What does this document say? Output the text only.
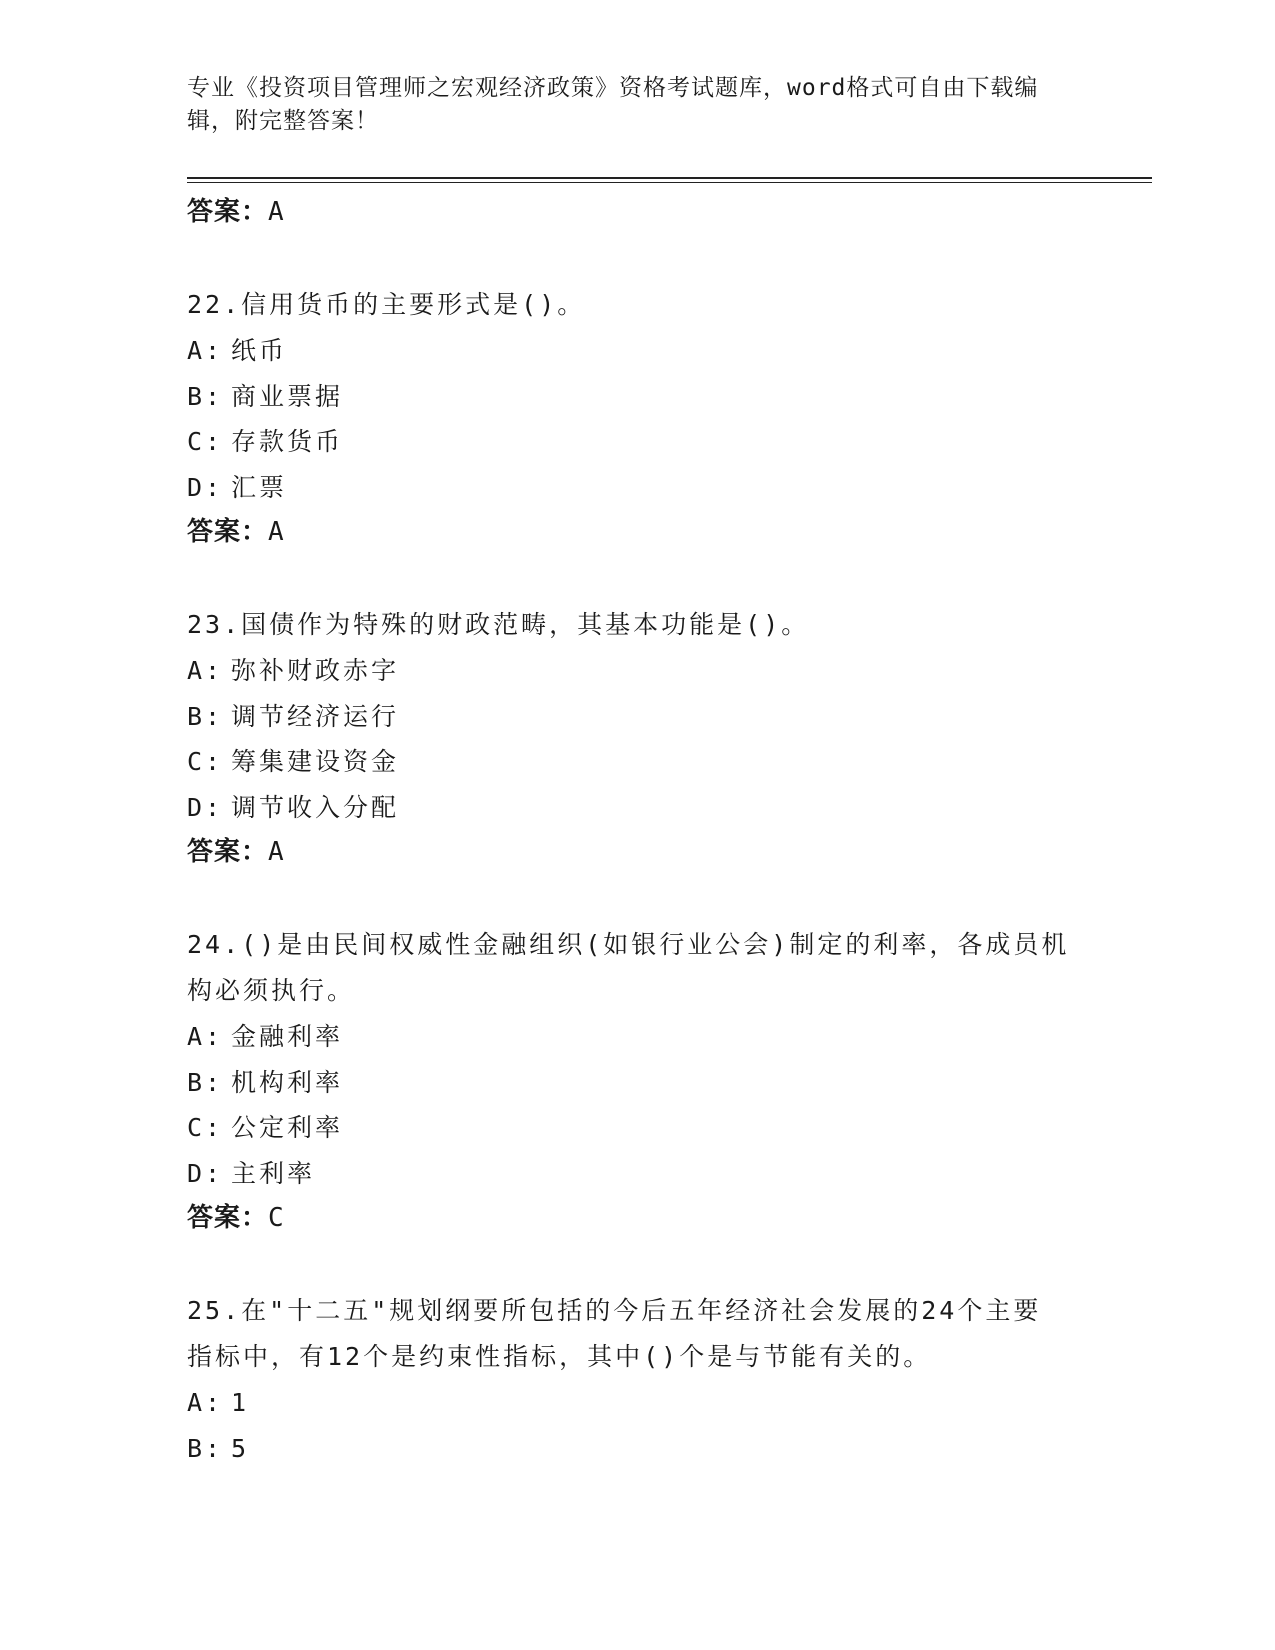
专业《投资项目管理师之宏观经济政策》资格考试题库，word格式可自由下载编
辑，附完整答案！
答案：A
22.信用货币的主要形式是()。
A: 纸币
B: 商业票据
C: 存款货币
D: 汇票
答案：A
23.国债作为特殊的财政范畴，其基本功能是()。
A: 弥补财政赤字
B: 调节经济运行
C: 筹集建设资金
D: 调节收入分配
答案：A
24.()是由民间权威性金融组织(如银行业公会)制定的利率，各成员机
构必须执行。
A: 金融利率
B: 机构利率
C: 公定利率
D: 主利率
答案：C
25.在"十二五"规划纲要所包括的今后五年经济社会发展的24个主要
指标中，有12个是约束性指标，其中()个是与节能有关的。
A: 1
B: 5
